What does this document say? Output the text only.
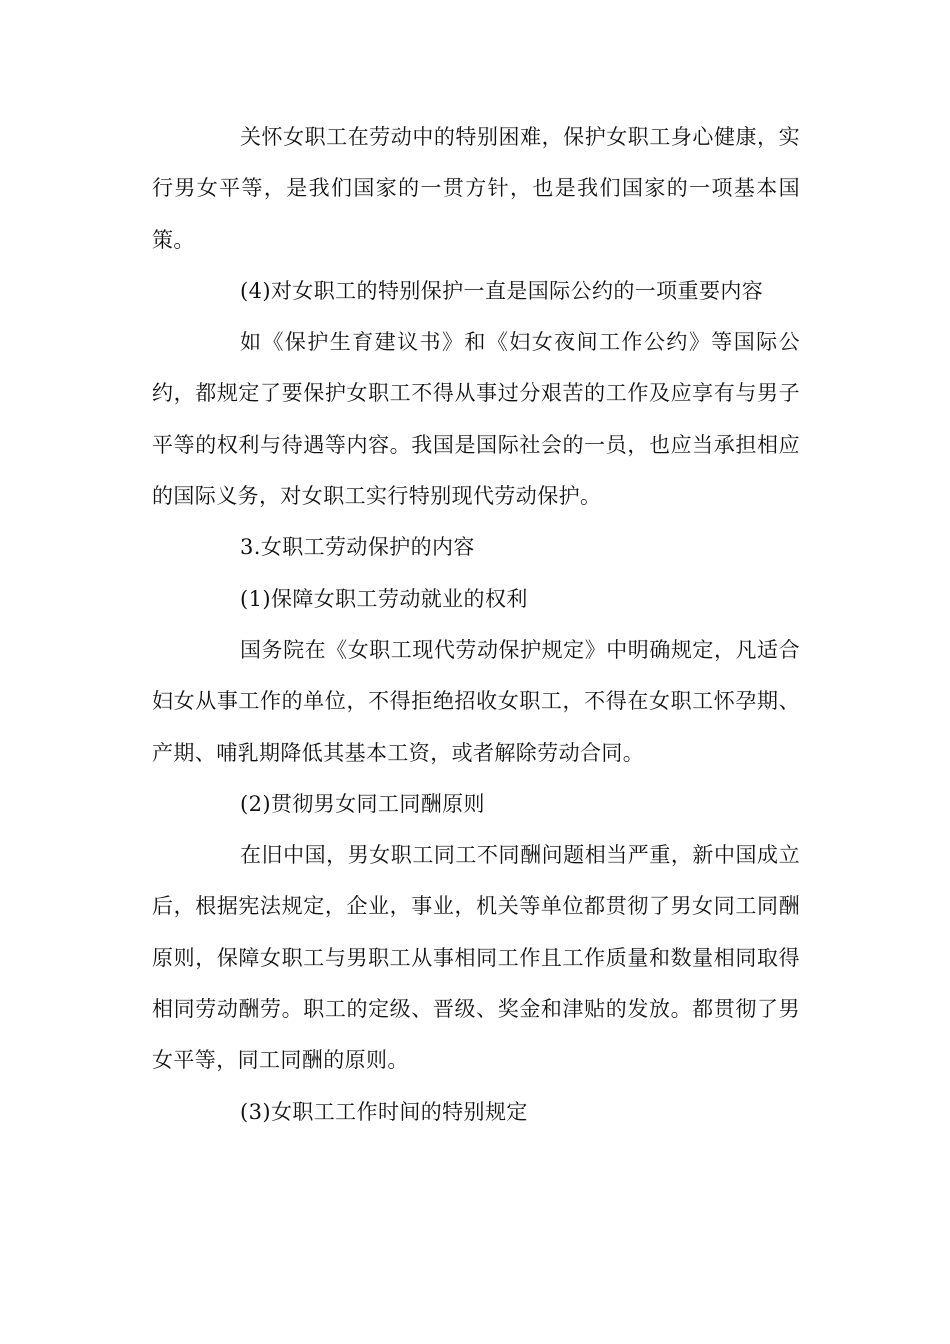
关怀女职工在劳动中的特别困难，保护女职工身心健康，实行男女平等，是我们国家的一贯方针，也是我们国家的一项基本国策。

(4)对女职工的特别保护一直是国际公约的一项重要内容

如《保护生育建议书》和《妇女夜间工作公约》等国际公约，都规定了要保护女职工不得从事过分艰苦的工作及应享有与男子平等的权利与待遇等内容。我国是国际社会的一员，也应当承担相应的国际义务，对女职工实行特别现代劳动保护。

3.女职工劳动保护的内容

(1)保障女职工劳动就业的权利

国务院在《女职工现代劳动保护规定》中明确规定，凡适合妇女从事工作的单位，不得拒绝招收女职工，不得在女职工怀孕期、产期、哺乳期降低其基本工资，或者解除劳动合同。

(2)贯彻男女同工同酬原则

在旧中国，男女职工同工不同酬问题相当严重，新中国成立后，根据宪法规定，企业，事业，机关等单位都贯彻了男女同工同酬原则，保障女职工与男职工从事相同工作且工作质量和数量相同取得相同劳动酬劳。职工的定级、晋级、奖金和津贴的发放。都贯彻了男女平等，同工同酬的原则。

(3)女职工工作时间的特别规定
